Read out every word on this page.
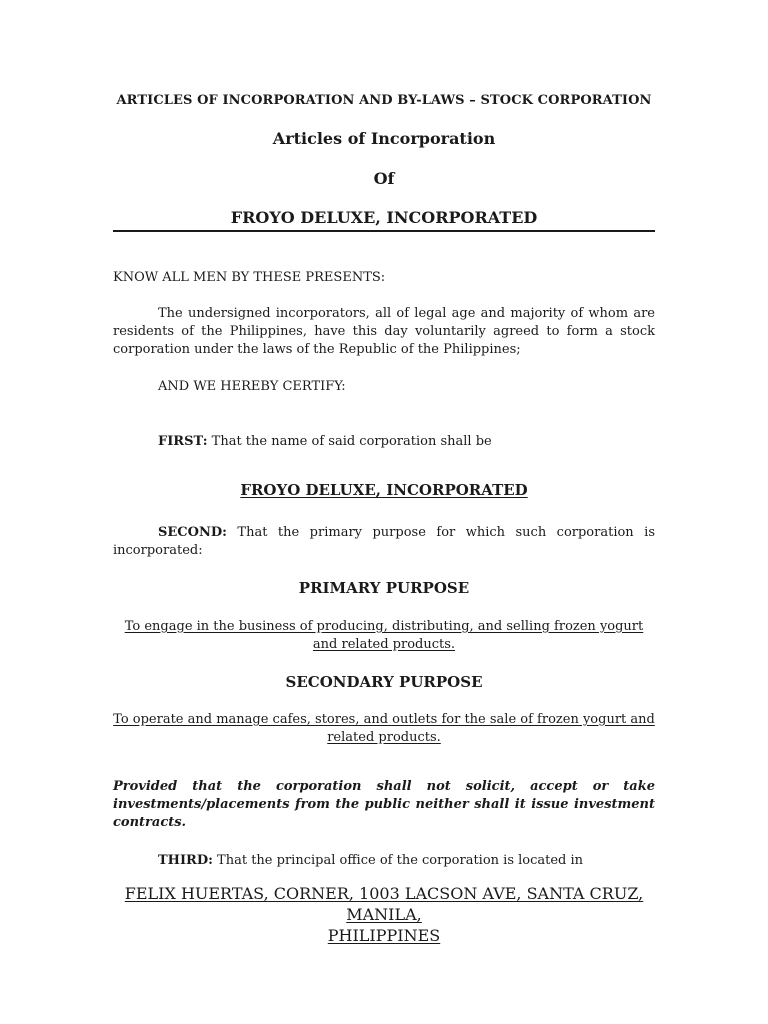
ARTICLES OF INCORPORATION AND BY-LAWS – STOCK CORPORATION
Articles of Incorporation
Of
FROYO DELUXE, INCORPORATED
KNOW ALL MEN BY THESE PRESENTS:
The undersigned incorporators, all of legal age and majority of whom are residents of the Philippines, have this day voluntarily agreed to form a stock corporation under the laws of the Republic of the Philippines;
AND WE HEREBY CERTIFY:
FIRST: That the name of said corporation shall be
FROYO DELUXE, INCORPORATED
SECOND: That the primary purpose for which such corporation is incorporated:
PRIMARY PURPOSE
To engage in the business of producing, distributing, and selling frozen yogurt
and related products.
SECONDARY PURPOSE
To operate and manage cafes, stores, and outlets for the sale of frozen yogurt and
related products.
Provided that the corporation shall not solicit, accept or take investments/placements from the public neither shall it issue investment contracts.
THIRD: That the principal office of the corporation is located in
FELIX HUERTAS, CORNER, 1003 LACSON AVE, SANTA CRUZ, MANILA,
PHILIPPINES
